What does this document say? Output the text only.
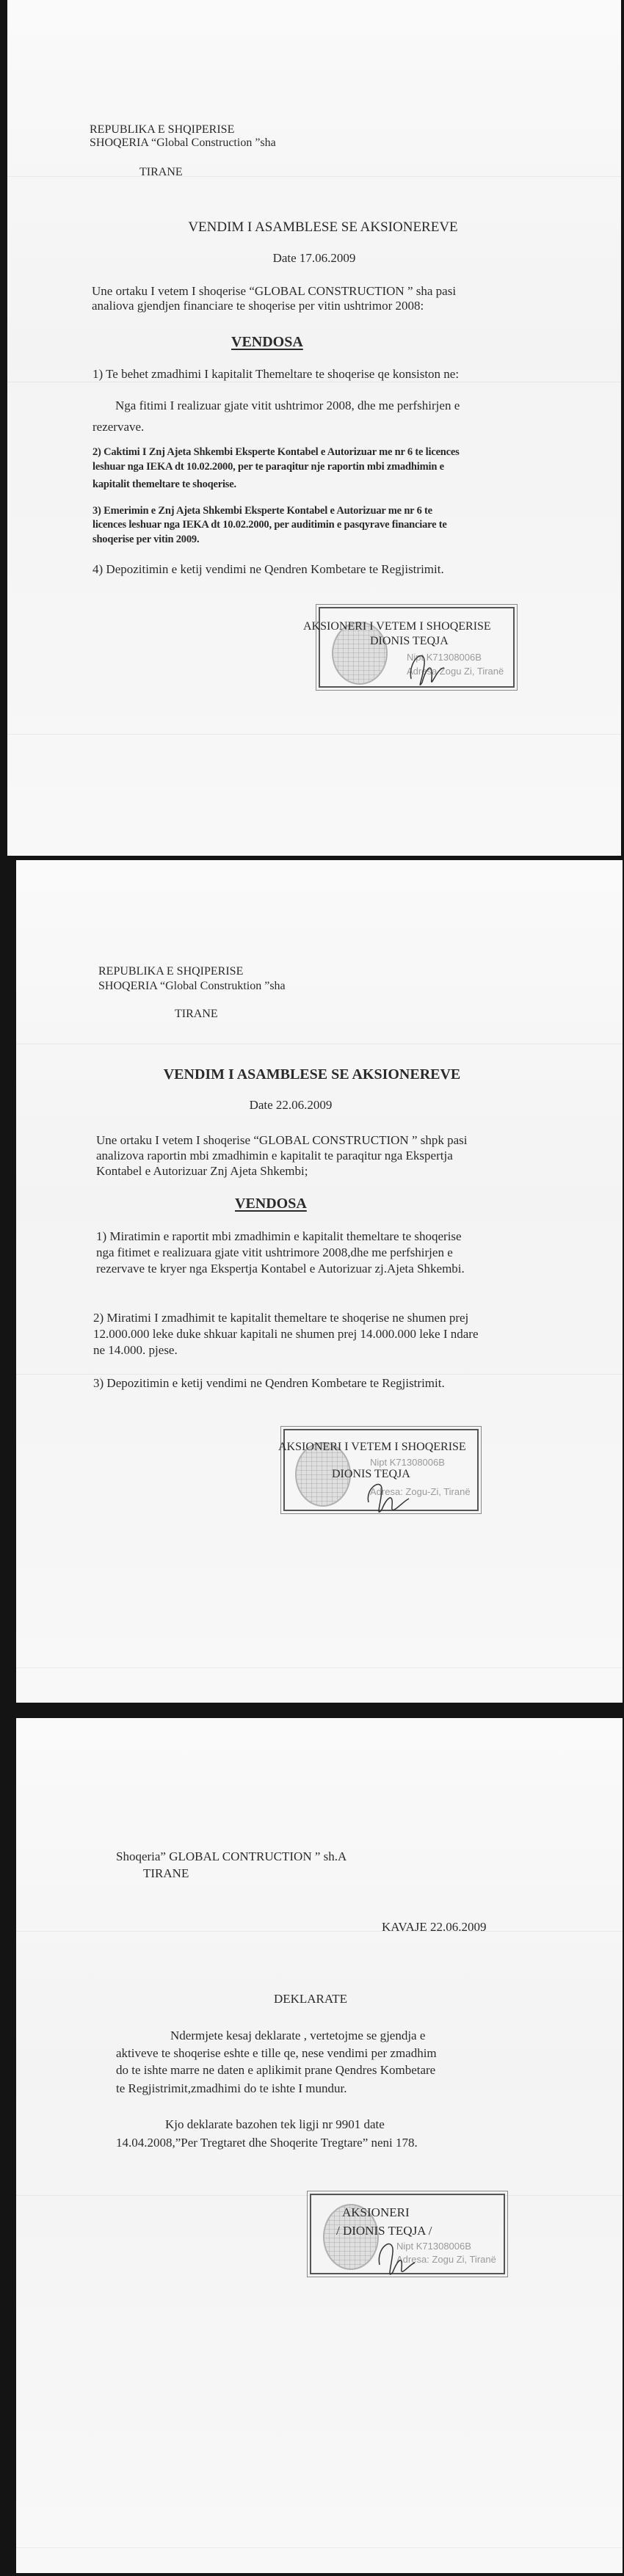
REPUBLIKA E SHQIPERISE
SHOQERIA “Global Construction ”sha
TIRANE
VENDIM I ASAMBLESE SE AKSIONEREVE
Date 17.06.2009
Une ortaku I vetem I shoqerise “GLOBAL CONSTRUCTION ” sha pasi
analiova gjendjen financiare te shoqerise per vitin ushtrimor 2008:
VENDOSA
1) Te behet zmadhimi I kapitalit Themeltare te shoqerise qe konsiston ne:
Nga fitimi I realizuar gjate vitit ushtrimor 2008, dhe me perfshirjen e
rezervave.
2) Caktimi I Znj Ajeta Shkembi Eksperte Kontabel e Autorizuar me nr 6 te licences
leshuar nga IEKA dt 10.02.2000, per te paraqitur nje raportin mbi zmadhimin e
kapitalit themeltare te shoqerise.
3) Emerimin e Znj Ajeta Shkembi Eksperte Kontabel e Autorizuar me nr 6 te
licences leshuar nga IEKA dt 10.02.2000, per auditimin e pasqyrave financiare te
shoqerise per vitin 2009.
4) Depozitimin e ketij vendimi ne Qendren Kombetare te Regjistrimit.
Nipt K71308006B
Adresa Zogu Zi, Tiranë
AKSIONERI I VETEM I SHOQERISE
DIONIS TEQJA
REPUBLIKA E SHQIPERISE
SHOQERIA “Global Construktion ”sha
TIRANE
VENDIM I ASAMBLESE SE AKSIONEREVE
Date 22.06.2009
Une ortaku I vetem I shoqerise “GLOBAL CONSTRUCTION ” shpk pasi
analizova raportin mbi zmadhimin e kapitalit te paraqitur nga Ekspertja
Kontabel e Autorizuar Znj Ajeta Shkembi;
VENDOSA
1) Miratimin e raportit mbi zmadhimin e kapitalit themeltare te shoqerise
nga fitimet e realizuara gjate vitit ushtrimore 2008,dhe me perfshirjen e
rezervave te kryer nga Ekspertja Kontabel e Autorizuar zj.Ajeta Shkembi.
2) Miratimi I zmadhimit te kapitalit themeltare te shoqerise ne shumen prej
12.000.000 leke duke shkuar kapitali ne shumen prej 14.000.000 leke I ndare
ne 14.000. pjese.
3) Depozitimin e ketij vendimi ne Qendren Kombetare te Regjistrimit.
Nipt K71308006B
Adresa: Zogu-Zi, Tiranë
AKSIONERI I VETEM I SHOQERISE
DIONIS TEQJA
Shoqeria” GLOBAL CONTRUCTION ” sh.A
TIRANE
KAVAJE 22.06.2009
DEKLARATE
Ndermjete kesaj deklarate , vertetojme se gjendja e
aktiveve te shoqerise eshte e tille qe, nese vendimi per zmadhim
do te ishte marre ne daten e aplikimit prane Qendres Kombetare
te Regjistrimit,zmadhimi do te ishte I mundur.
Kjo deklarate bazohen tek ligji nr 9901 date
14.04.2008,”Per Tregtaret dhe Shoqerite Tregtare” neni 178.
Nipt K71308006B
Adresa: Zogu Zi, Tiranë
AKSIONERI
/ DIONIS TEQJA /
